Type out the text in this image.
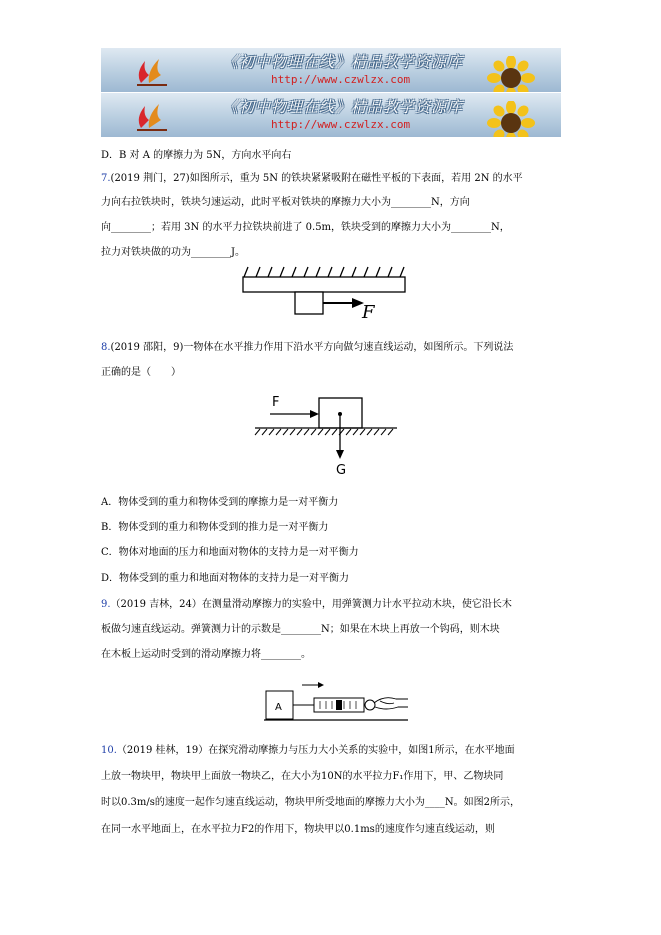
《初中物理在线》精品教学资源库
http://www.czwlzx.com
《初中物理在线》精品教学资源库
http://www.czwlzx.com
D．B 对 A 的摩擦力为 5N，方向水平向右
7.(2019 荆门，27)如图所示，重为 5N 的铁块紧紧吸附在磁性平板的下表面，若用 2N 的水平
力向右拉铁块时，铁块匀速运动，此时平板对铁块的摩擦力大小为________N，方向
向________；若用 3N 的水平力拉铁块前进了 0.5m，铁块受到的摩擦力大小为________N，
拉力对铁块做的功为________J。
F
8.(2019 邵阳，9)一物体在水平推力作用下沿水平方向做匀速直线运动，如图所示。下列说法
正确的是（　　）
F
G
A．物体受到的重力和物体受到的摩擦力是一对平衡力
B．物体受到的重力和物体受到的推力是一对平衡力
C．物体对地面的压力和地面对物体的支持力是一对平衡力
D．物体受到的重力和地面对物体的支持力是一对平衡力
9.（2019 吉林，24）在测量滑动摩擦力的实验中，用弹簧测力计水平拉动木块，使它沿长木
板做匀速直线运动。弹簧测力计的示数是________N；如果在木块上再放一个钩码，则木块
在木板上运动时受到的滑动摩擦力将________。
A
10.（2019 桂林，19）在探究滑动摩擦力与压力大小关系的实验中，如图1所示，在水平地面
上放一物块甲，物块甲上面放一物块乙，在大小为10N的水平拉力F₁作用下，甲、乙物块同
时以0.3m/s的速度一起作匀速直线运动，物块甲所受地面的摩擦力大小为____N。如图2所示，
在同一水平地面上，在水平拉力F2的作用下，物块甲以0.1ms的速度作匀速直线运动，则
